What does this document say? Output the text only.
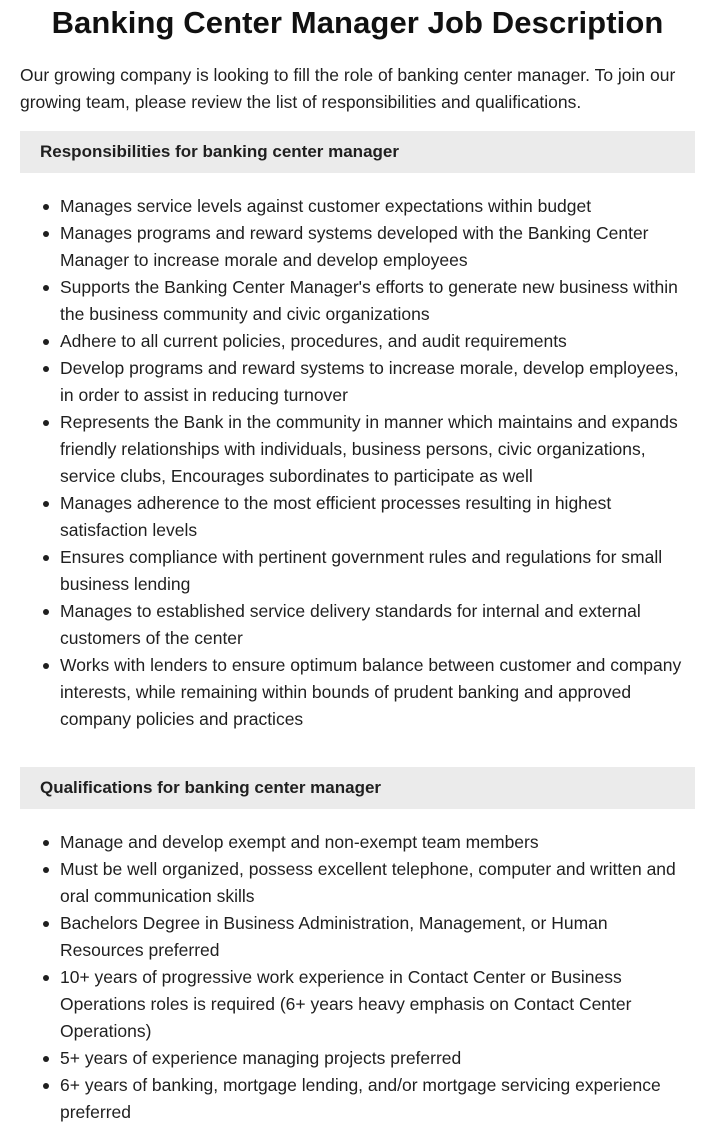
Banking Center Manager Job Description

Our growing company is looking to fill the role of banking center manager. To join our growing team, please review the list of responsibilities and qualifications.

Responsibilities for banking center manager
Manages service levels against customer expectations within budget
Manages programs and reward systems developed with the Banking Center Manager to increase morale and develop employees
Supports the Banking Center Manager's efforts to generate new business within the business community and civic organizations
Adhere to all current policies, procedures, and audit requirements
Develop programs and reward systems to increase morale, develop employees, in order to assist in reducing turnover
Represents the Bank in the community in manner which maintains and expands friendly relationships with individuals, business persons, civic organizations, service clubs, Encourages subordinates to participate as well
Manages adherence to the most efficient processes resulting in highest satisfaction levels
Ensures compliance with pertinent government rules and regulations for small business lending
Manages to established service delivery standards for internal and external customers of the center
Works with lenders to ensure optimum balance between customer and company interests, while remaining within bounds of prudent banking and approved company policies and practices
Qualifications for banking center manager
Manage and develop exempt and non-exempt team members
Must be well organized, possess excellent telephone, computer and written and oral communication skills
Bachelors Degree in Business Administration, Management, or Human Resources preferred
10+ years of progressive work experience in Contact Center or Business Operations roles is required (6+ years heavy emphasis on Contact Center Operations)
5+ years of experience managing projects preferred
6+ years of banking, mortgage lending, and/or mortgage servicing experience preferred
